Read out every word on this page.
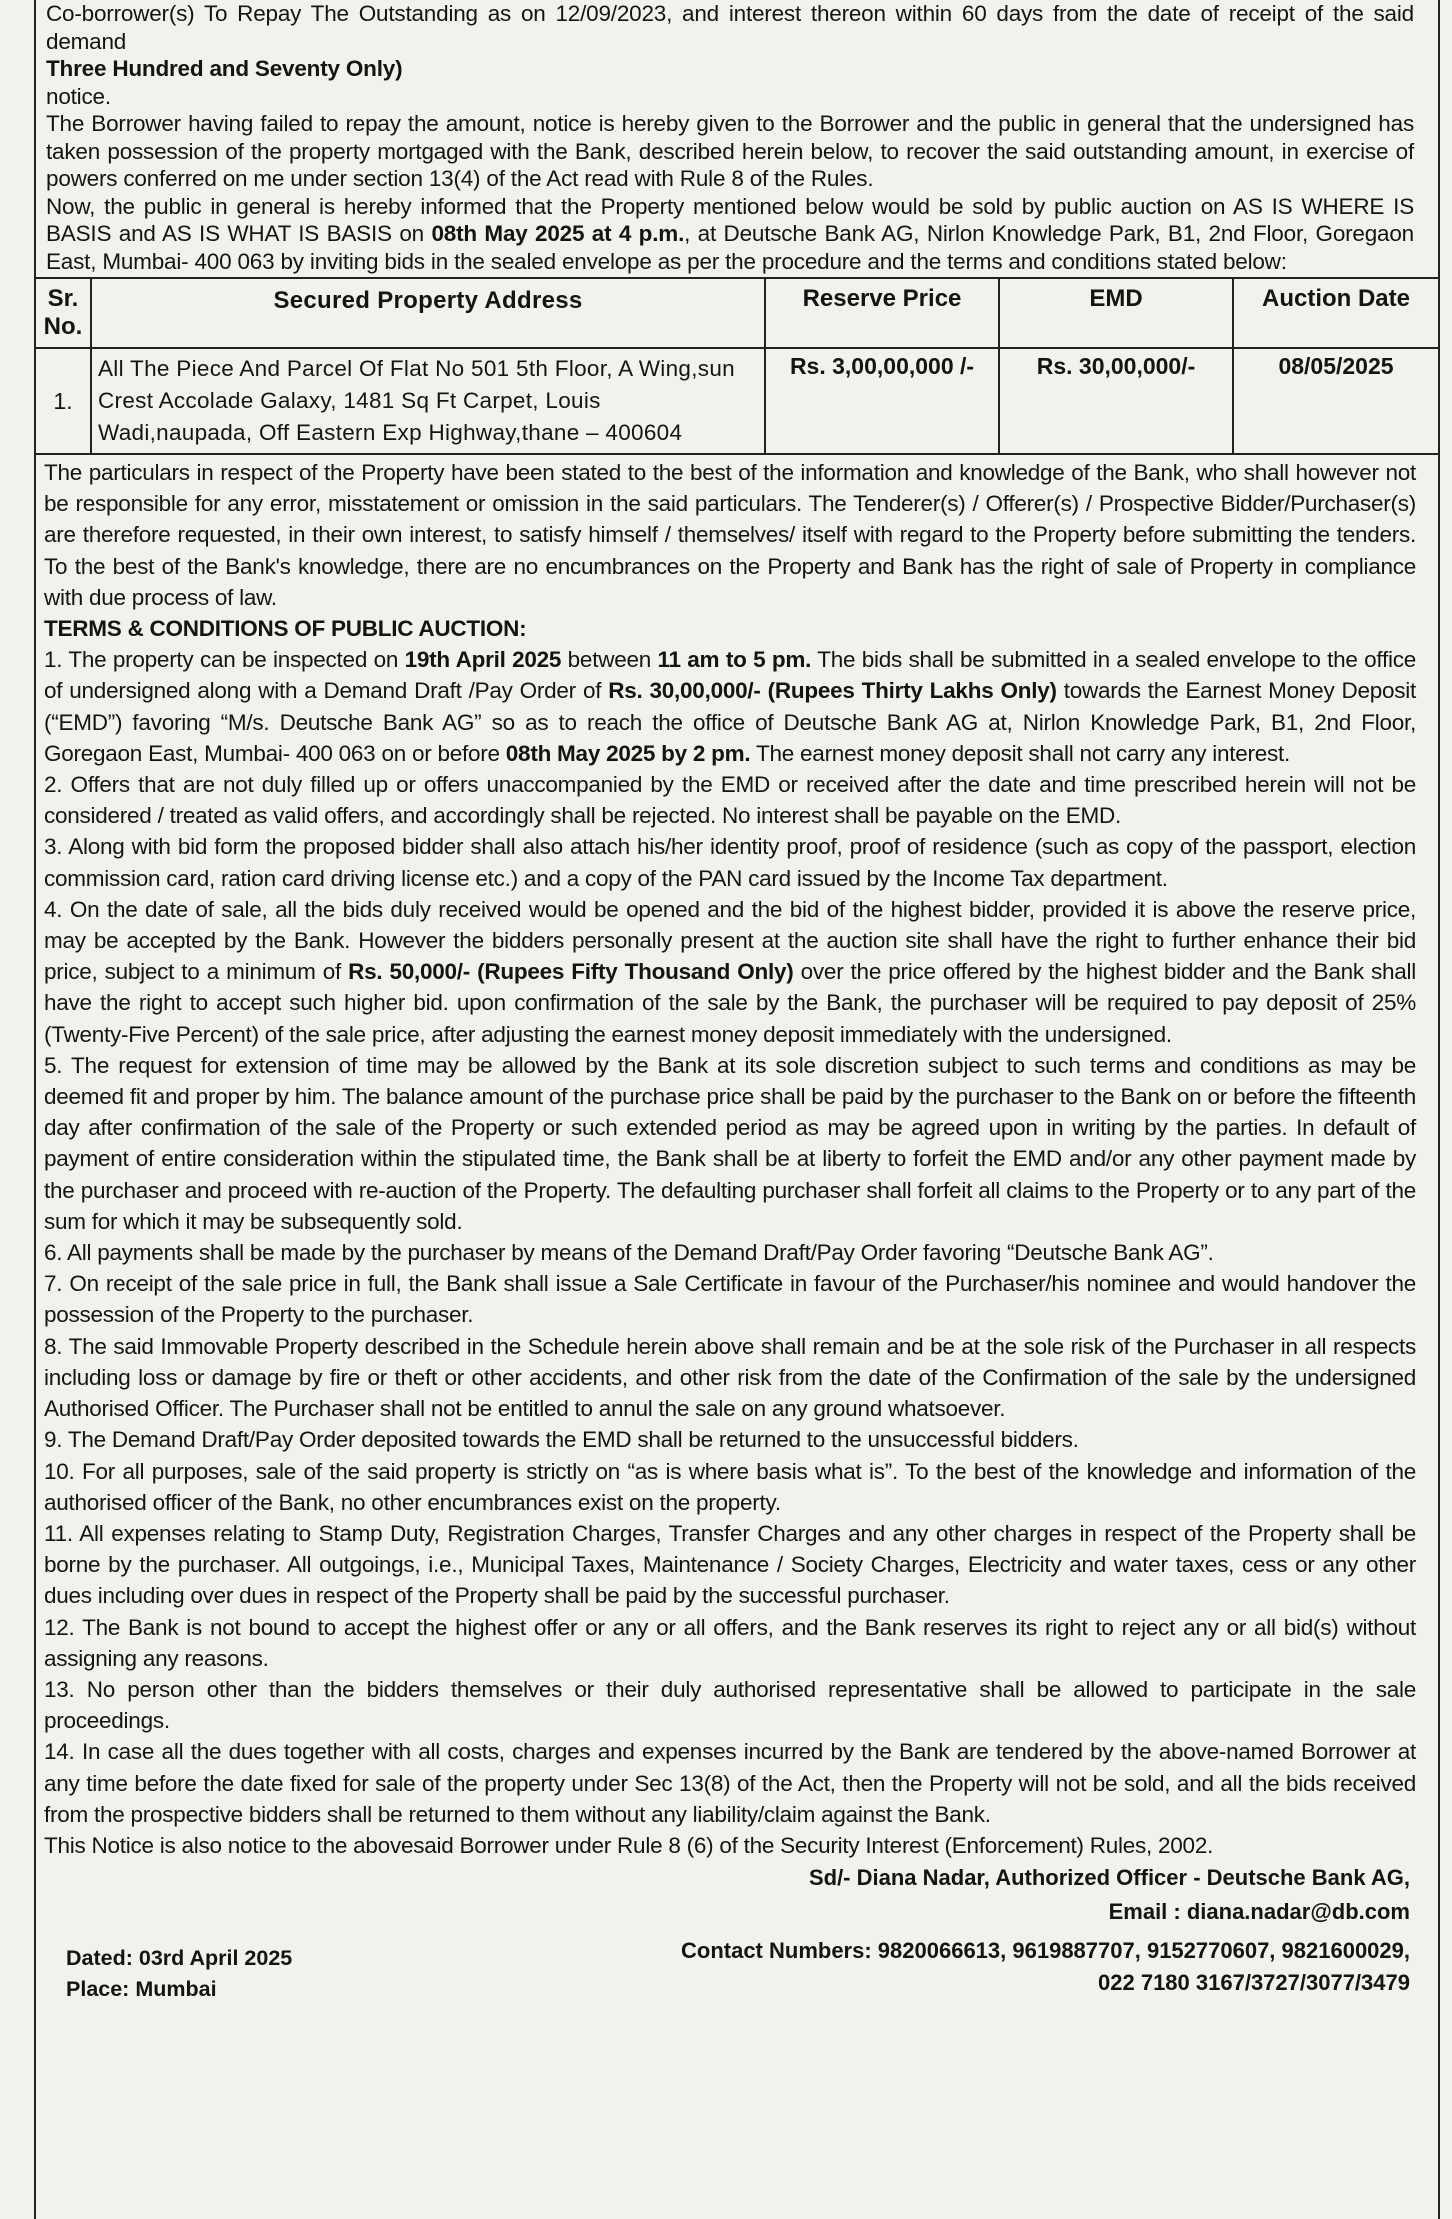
Co-borrower(s) To Repay The Outstanding as on 12/09/2023, and interest thereon within 60 days from the date of receipt of the said demand

Three Hundred and Seventy Only)

notice.

The Borrower having failed to repay the amount, notice is hereby given to the Borrower and the public in general that the undersigned has taken possession of the property mortgaged with the Bank, described herein below, to recover the said outstanding amount, in exercise of powers conferred on me under section 13(4) of the Act read with Rule 8 of the Rules.

Now, the public in general is hereby informed that the Property mentioned below would be sold by public auction on AS IS WHERE IS BASIS and AS IS WHAT IS BASIS on 08th May 2025 at 4 p.m., at Deutsche Bank AG, Nirlon Knowledge Park, B1, 2nd Floor, Goregaon East, Mumbai- 400 063 by inviting bids in the sealed envelope as per the procedure and the terms and conditions stated below:

Sr. No.	Secured Property Address	Reserve Price	EMD	Auction Date
1.	All The Piece And Parcel Of Flat No 501 5th Floor, A Wing,sun Crest Accolade Galaxy, 1481 Sq Ft Carpet, Louis Wadi,naupada, Off Eastern Exp Highway,thane – 400604	Rs. 3,00,00,000 /-	Rs. 30,00,000/-	08/05/2025

The particulars in respect of the Property have been stated to the best of the information and knowledge of the Bank, who shall however not be responsible for any error, misstatement or omission in the said particulars. The Tenderer(s) / Offerer(s) / Prospective Bidder/Purchaser(s) are therefore requested, in their own interest, to satisfy himself / themselves/ itself with regard to the Property before submitting the tenders. To the best of the Bank's knowledge, there are no encumbrances on the Property and Bank has the right of sale of Property in compliance with due process of law.

TERMS & CONDITIONS OF PUBLIC AUCTION:

1. The property can be inspected on 19th April 2025 between 11 am to 5 pm. The bids shall be submitted in a sealed envelope to the office of undersigned along with a Demand Draft /Pay Order of Rs. 30,00,000/- (Rupees Thirty Lakhs Only) towards the Earnest Money Deposit (“EMD”) favoring “M/s. Deutsche Bank AG” so as to reach the office of Deutsche Bank AG at, Nirlon Knowledge Park, B1, 2nd Floor, Goregaon East, Mumbai- 400 063 on or before 08th May 2025 by 2 pm. The earnest money deposit shall not carry any interest.

2. Offers that are not duly filled up or offers unaccompanied by the EMD or received after the date and time prescribed herein will not be considered / treated as valid offers, and accordingly shall be rejected. No interest shall be payable on the EMD.

3. Along with bid form the proposed bidder shall also attach his/her identity proof, proof of residence (such as copy of the passport, election commission card, ration card driving license etc.) and a copy of the PAN card issued by the Income Tax department.

4. On the date of sale, all the bids duly received would be opened and the bid of the highest bidder, provided it is above the reserve price, may be accepted by the Bank. However the bidders personally present at the auction site shall have the right to further enhance their bid price, subject to a minimum of Rs. 50,000/- (Rupees Fifty Thousand Only) over the price offered by the highest bidder and the Bank shall have the right to accept such higher bid. upon confirmation of the sale by the Bank, the purchaser will be required to pay deposit of 25% (Twenty-Five Percent) of the sale price, after adjusting the earnest money deposit immediately with the undersigned.

5. The request for extension of time may be allowed by the Bank at its sole discretion subject to such terms and conditions as may be deemed fit and proper by him. The balance amount of the purchase price shall be paid by the purchaser to the Bank on or before the fifteenth day after confirmation of the sale of the Property or such extended period as may be agreed upon in writing by the parties. In default of payment of entire consideration within the stipulated time, the Bank shall be at liberty to forfeit the EMD and/or any other payment made by the purchaser and proceed with re-auction of the Property. The defaulting purchaser shall forfeit all claims to the Property or to any part of the sum for which it may be subsequently sold.

6. All payments shall be made by the purchaser by means of the Demand Draft/Pay Order favoring “Deutsche Bank AG”.

7. On receipt of the sale price in full, the Bank shall issue a Sale Certificate in favour of the Purchaser/his nominee and would handover the possession of the Property to the purchaser.

8. The said Immovable Property described in the Schedule herein above shall remain and be at the sole risk of the Purchaser in all respects including loss or damage by fire or theft or other accidents, and other risk from the date of the Confirmation of the sale by the undersigned Authorised Officer. The Purchaser shall not be entitled to annul the sale on any ground whatsoever.

9. The Demand Draft/Pay Order deposited towards the EMD shall be returned to the unsuccessful bidders.

10. For all purposes, sale of the said property is strictly on “as is where basis what is”. To the best of the knowledge and information of the authorised officer of the Bank, no other encumbrances exist on the property.

11. All expenses relating to Stamp Duty, Registration Charges, Transfer Charges and any other charges in respect of the Property shall be borne by the purchaser. All outgoings, i.e., Municipal Taxes, Maintenance / Society Charges, Electricity and water taxes, cess or any other dues including over dues in respect of the Property shall be paid by the successful purchaser.

12. The Bank is not bound to accept the highest offer or any or all offers, and the Bank reserves its right to reject any or all bid(s) without assigning any reasons.

13. No person other than the bidders themselves or their duly authorised representative shall be allowed to participate in the sale proceedings.

14. In case all the dues together with all costs, charges and expenses incurred by the Bank are tendered by the above-named Borrower at any time before the date fixed for sale of the property under Sec 13(8) of the Act, then the Property will not be sold, and all the bids received from the prospective bidders shall be returned to them without any liability/claim against the Bank.

This Notice is also notice to the abovesaid Borrower under Rule 8 (6) of the Security Interest (Enforcement) Rules, 2002.

Sd/- Diana Nadar, Authorized Officer - Deutsche Bank AG,
Email : diana.nadar@db.com
Dated: 03rd April 2025
Place: Mumbai
Contact Numbers: 9820066613, 9619887707, 9152770607, 9821600029,
022 7180 3167/3727/3077/3479
